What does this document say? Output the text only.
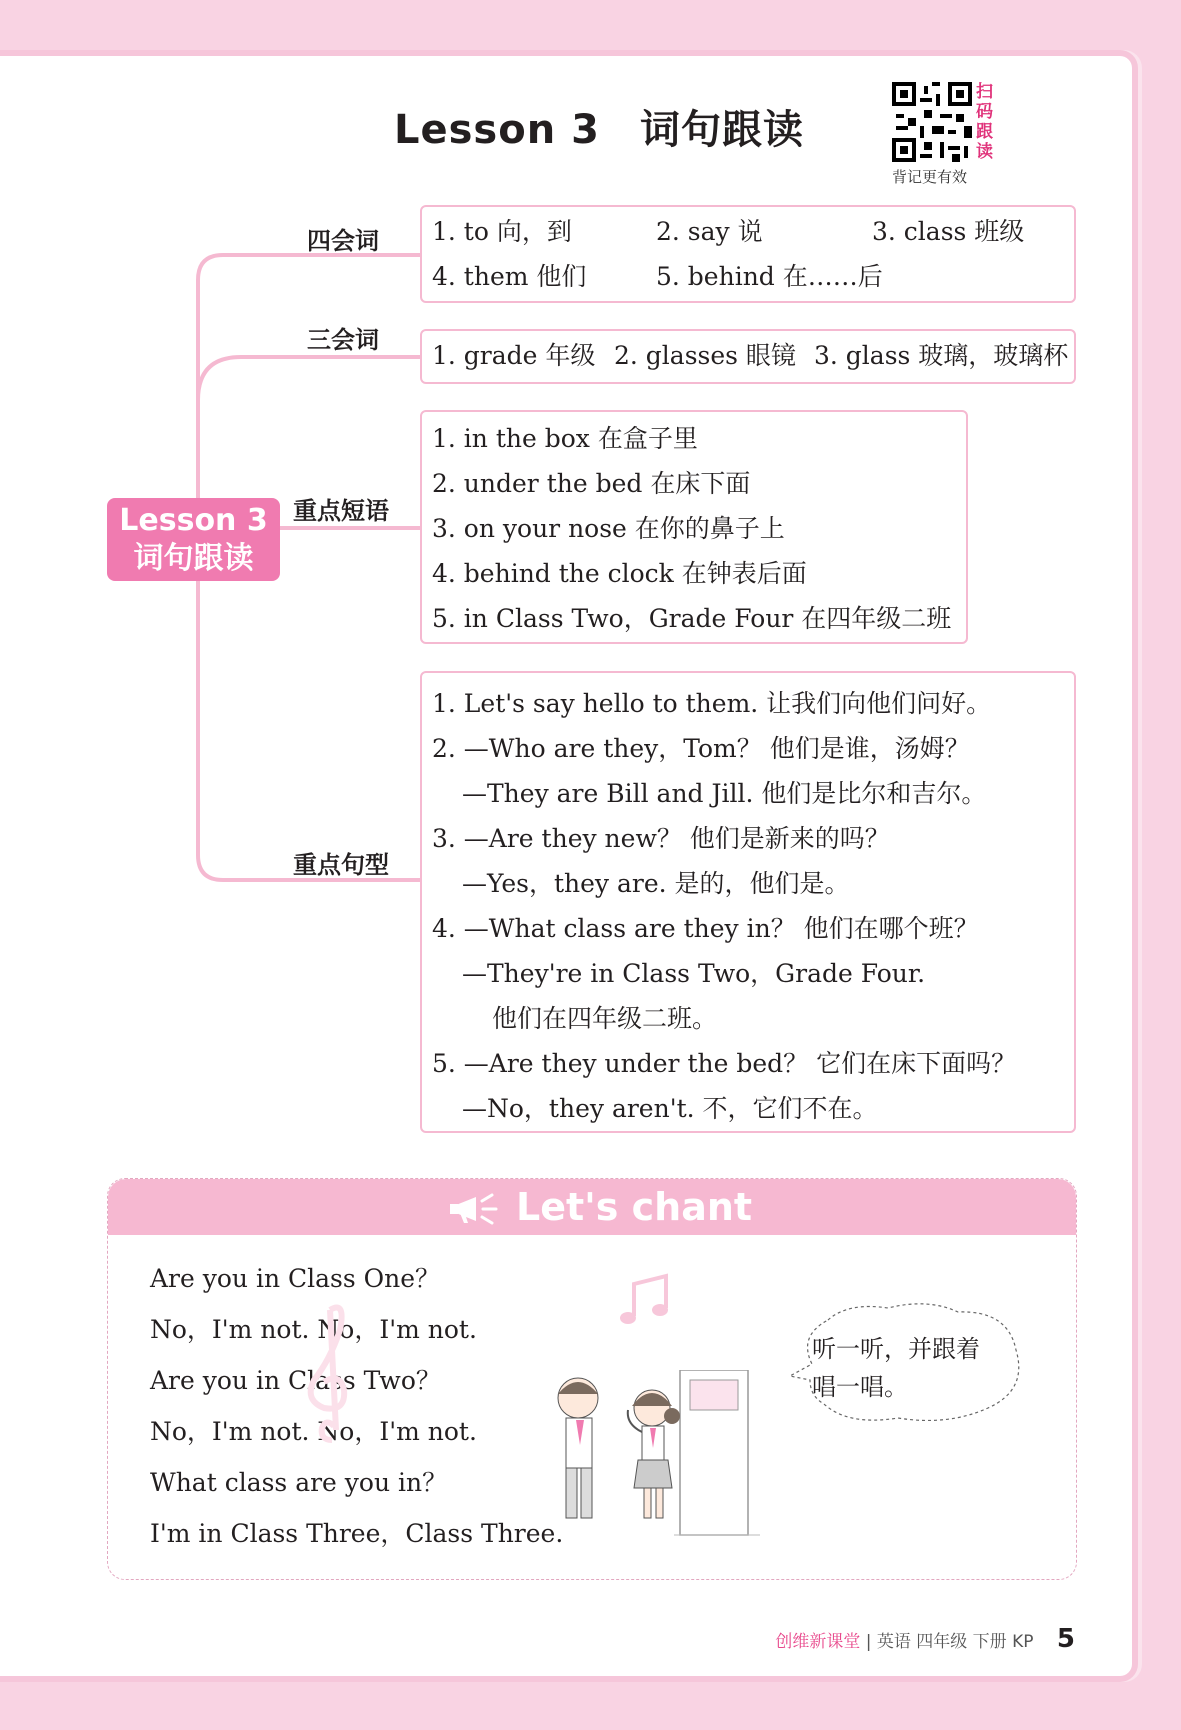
Lesson 3 词句跟读
扫
码
跟
读
背记更有效
Lesson 3
词句跟读
四会词 1. to 向，到	2. say 说	3. class 班级
4. them 他们	5. behind 在……后
三会词
1. grade 年级 2. glasses 眼镜 3. glass 玻璃，玻璃杯
重点短语
1. in the box 在盒子里
2. under the bed 在床下面
3. on your nose 在你的鼻子上
4. behind the clock 在钟表后面
5. in Class Two，Grade Four 在四年级二班
重点句型
1. Let's say hello to them. 让我们向他们问好。
2. —Who are they，Tom？ 他们是谁，汤姆？
—They are Bill and Jill. 他们是比尔和吉尔。
3. —Are they new？ 他们是新来的吗？
—Yes，they are. 是的，他们是。
4. —What class are they in？ 他们在哪个班？
—They're in Class Two，Grade Four.
他们在四年级二班。
5. —Are they under the bed？ 它们在床下面吗？
—No，they aren't. 不，它们不在。
Let's chant
Are you in Class One？
No，I'm not. No，I'm not.
Are you in Class Two？
No，I'm not. No，I'm not.
What class are you in？
I'm in Class Three，Class Three.
听一听，并跟着
唱一唱。
创维新课堂 | 英语 四年级 下册 KP 5
